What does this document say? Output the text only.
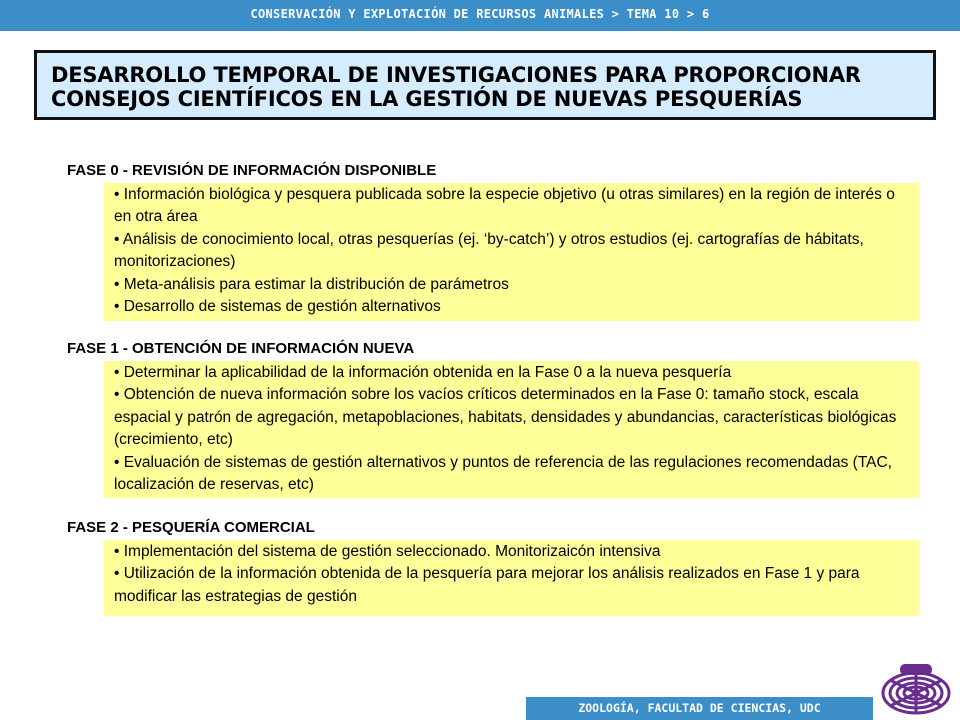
CONSERVACIÓN Y EXPLOTACIÓN DE RECURSOS ANIMALES > TEMA 10 > 6
DESARROLLO TEMPORAL DE INVESTIGACIONES PARA PROPORCIONAR
CONSEJOS CIENTÍFICOS EN LA GESTIÓN DE NUEVAS PESQUERÍAS
FASE 0 - REVISIÓN DE INFORMACIÓN DISPONIBLE
• Información biológica y pesquera publicada sobre la especie objetivo (u otras similares) en la región de interés o en otra área
• Análisis de conocimiento local, otras pesquerías (ej. ‘by-catch’) y otros estudios (ej. cartografías de hábitats, monitorizaciones)
• Meta-análisis para estimar la distribución de parámetros
• Desarrollo de sistemas de gestión alternativos
FASE 1 - OBTENCIÓN DE INFORMACIÓN NUEVA
• Determinar la aplicabilidad de la información obtenida en la Fase 0 a la nueva pesquería
• Obtención de nueva información sobre los vacíos críticos determinados en la Fase 0: tamaño stock, escala espacial y patrón de agregación, metapoblaciones, habitats, densidades y abundancias, características biológicas (crecimiento, etc)
• Evaluación de sistemas de gestión alternativos y puntos de referencia de las regulaciones recomendadas (TAC, localización de reservas, etc)
FASE 2 - PESQUERÍA COMERCIAL
• Implementación del sistema de gestión seleccionado. Monitorizaicón intensiva
• Utilización de la información obtenida de la pesquería para mejorar los análisis realizados en Fase 1 y para modificar las estrategias de gestión
ZOOLOGÍA, FACULTAD DE CIENCIAS, UDC
